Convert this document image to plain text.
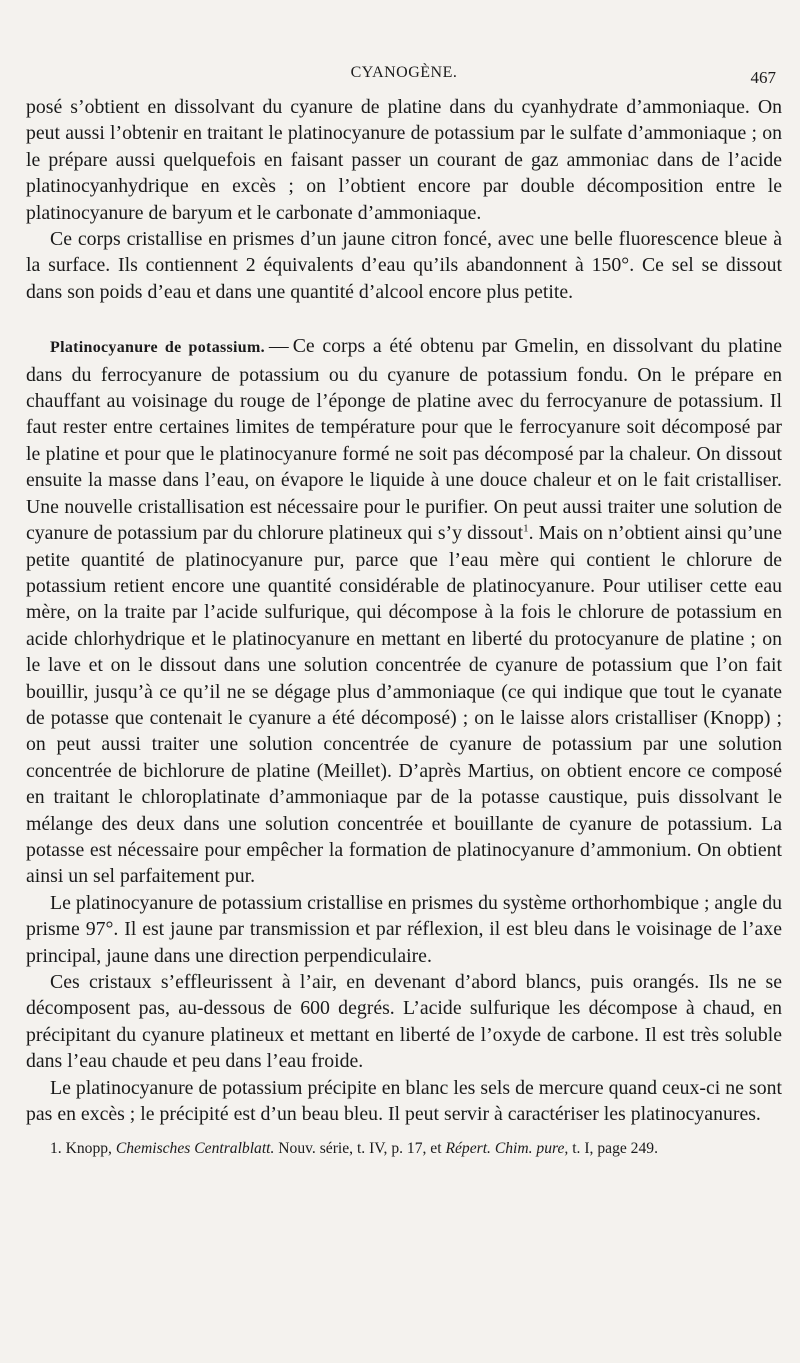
CYANOGÈNE.	467

posé s’obtient en dissolvant du cyanure de platine dans du cyanhydrate d’ammoniaque. On peut aussi l’obtenir en traitant le platinocyanure de potassium par le sulfate d’ammoniaque ; on le prépare aussi quelquefois en faisant passer un courant de gaz ammoniac dans de l’acide platinocyanhydrique en excès ; on l’obtient encore par double décomposition entre le platinocyanure de baryum et le carbonate d’ammoniaque.

Ce corps cristallise en prismes d’un jaune citron foncé, avec une belle fluorescence bleue à la surface. Ils contiennent 2 équivalents d’eau qu’ils abandonnent à 150°. Ce sel se dissout dans son poids d’eau et dans une quantité d’alcool encore plus petite.

Platinocyanure de potassium. — Ce corps a été obtenu par Gmelin, en dissolvant du platine dans du ferrocyanure de potassium ou du cyanure de potassium fondu. On le prépare en chauffant au voisinage du rouge de l’éponge de platine avec du ferrocyanure de potassium. Il faut rester entre certaines limites de température pour que le ferrocyanure soit décomposé par le platine et pour que le platinocyanure formé ne soit pas décomposé par la chaleur. On dissout ensuite la masse dans l’eau, on évapore le liquide à une douce chaleur et on le fait cristalliser. Une nouvelle cristallisation est nécessaire pour le purifier. On peut aussi traiter une solution de cyanure de potassium par du chlorure platineux qui s’y dissout$^1$. Mais on n’obtient ainsi qu’une petite quantité de platinocyanure pur, parce que l’eau mère qui contient le chlorure de potassium retient encore une quantité considérable de platinocyanure. Pour utiliser cette eau mère, on la traite par l’acide sulfurique, qui décompose à la fois le chlorure de potassium en acide chlorhydrique et le platinocyanure en mettant en liberté du protocyanure de platine ; on le lave et on le dissout dans une solution concentrée de cyanure de potassium que l’on fait bouillir, jusqu’à ce qu’il ne se dégage plus d’ammoniaque (ce qui indique que tout le cyanate de potasse que contenait le cyanure a été décomposé) ; on le laisse alors cristalliser (Knopp) ; on peut aussi traiter une solution concentrée de cyanure de potassium par une solution concentrée de bichlorure de platine (Meillet). D’après Martius, on obtient encore ce composé en traitant le chloroplatinate d’ammoniaque par de la potasse caustique, puis dissolvant le mélange des deux dans une solution concentrée et bouillante de cyanure de potassium. La potasse est nécessaire pour empêcher la formation de platinocyanure d’ammonium. On obtient ainsi un sel parfaitement pur.

Le platinocyanure de potassium cristallise en prismes du système orthorhombique ; angle du prisme 97°. Il est jaune par transmission et par réflexion, il est bleu dans le voisinage de l’axe principal, jaune dans une direction perpendiculaire.

Ces cristaux s’effleurissent à l’air, en devenant d’abord blancs, puis orangés. Ils ne se décomposent pas, au-dessous de 600 degrés. L’acide sulfurique les décompose à chaud, en précipitant du cyanure platineux et mettant en liberté de l’oxyde de carbone. Il est très soluble dans l’eau chaude et peu dans l’eau froide.

Le platinocyanure de potassium précipite en blanc les sels de mercure quand ceux-ci ne sont pas en excès ; le précipité est d’un beau bleu. Il peut servir à caractériser les platinocyanures.

1. Knopp, Chemisches Centralblatt. Nouv. série, t. IV, p. 17, et Répert. Chim. pure, t. I, page 249.
